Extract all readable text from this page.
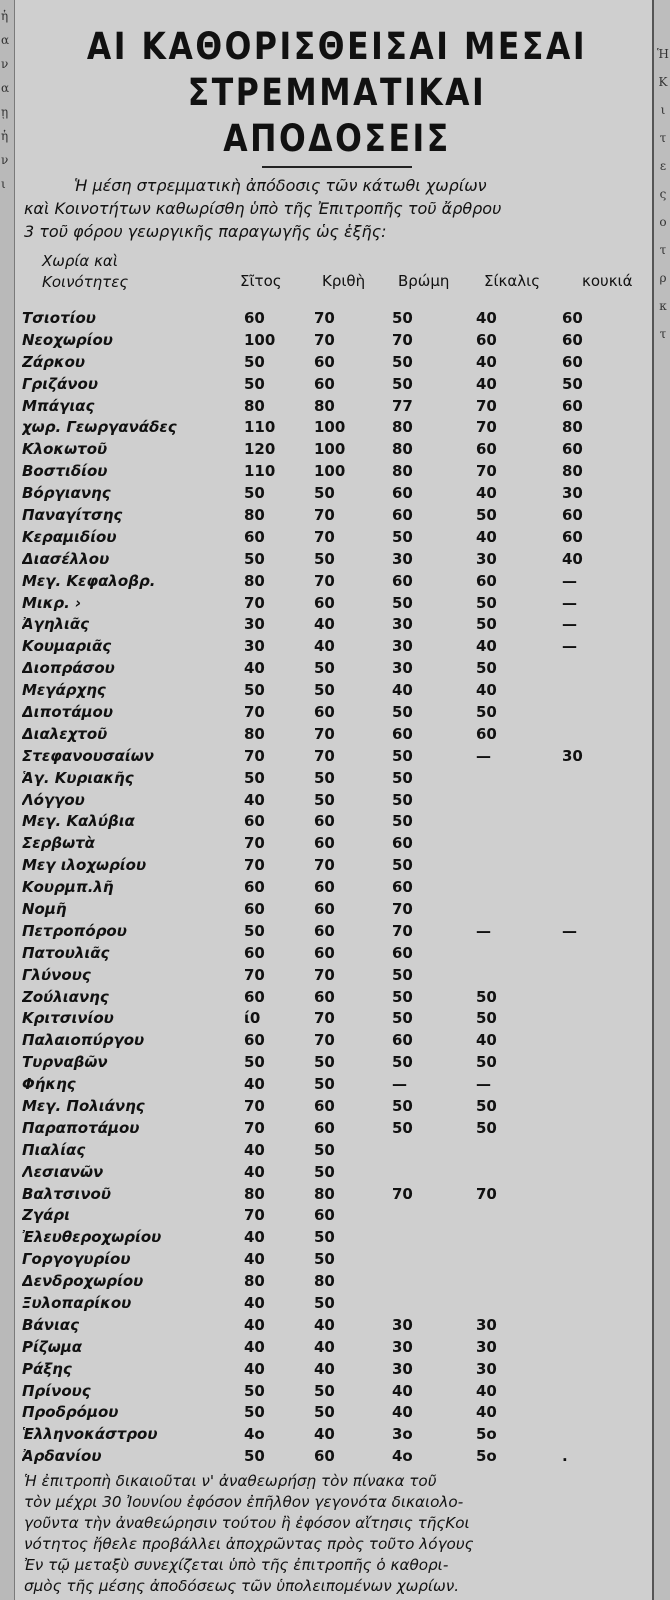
ἡ
α
ν
α
ῃ
ἡ
ν
ι
ΑΙ ΚΑΘΟΡΙΣΘΕΙΣΑΙ ΜΕΣΑΙ
ΣΤΡΕΜΜΑΤΙΚΑΙ ΑΠΟΔΟΣΕΙΣ
Ἡ μέση στρεμματικὴ ἀπόδοσις τῶν κάτωθι χωρίων
καὶ Κοινοτήτων καθωρίσθη ὑπὸ τῆς Ἐπιτροπῆς τοῦ ἄρθρου
3 τοῦ φόρου γεωργικῆς παραγωγῆς ὡς ἑξῆς:
Χωρία καὶ
Κοινότητες	Σῖτος	Κριθὴ Βρώμη Σίκαλις	κουκιά
Τσιοτίου	60	70	50	40	60
Νεοχωρίου	100	70	70	60	60
Ζάρκου	50	60	50	40	60
Γριζάνου	50	60	50	40	50
Μπάγιας	80	80	77	70	60
χωρ. Γεωργανάδες	110	100	80	70	80
Κλοκωτοῦ	120	100	80	60	60
Βοστιδίου	110	100	80	70	80
Βόργιανης	50	50	60	40	30
Παναγίτσης	80	70	60	50	60
Κεραμιδίου	60	70	50	40	60
Διασέλλου	50	50	30	30	40
Μεγ. Κεφαλοβρ.	80	70	60	60	—
Μικρ. ›	70	60	50	50	—
Ἀγηλιᾶς	30	40	30	50	—
Κουμαριᾶς	30	40	30	40	—
Διοπράσου	40	50	30	50	
Μεγάρχης	50	50	40	40	
Διποτάμου	70	60	50	50	
Διαλεχτοῦ	80	70	60	60	
Στεφανουσαίων	70	70	50	—	30
Ἁγ. Κυριακῆς	50	50	50		
Λόγγου	40	50	50		
Μεγ. Καλύβια	60	60	50		
Σερβωτὰ	70	60	60		
Μεγ ιλοχωρίου	70	70	50		
Κουρμπ.λῆ	60	60	60		
Νομῆ	60	60	70		
Πετροπόρου	50	60	70	—	—
Πατουλιᾶς	60	60	60		
Γλύνους	70	70	50		
Ζούλιανης	60	60	50	50	
Κριτσινίου	ί0	70	50	50	
Παλαιοπύργου	60	70	60	40	
Τυρναβῶν	50	50	50	50	
Φήκης	40	50	—	—	
Μεγ. Πολιάνης	70	60	50	50	
Παραποτάμου	70	60	50	50	
Πιαλίας	40	50			
Λεσιανῶν	40	50			
Βαλτσινοῦ	80	80	70	70	
Ζγάρι	70	60			
Ἐλευθεροχωρίου	40	50			
Γοργογυρίου	40	50			
Δενδροχωρίου	80	80			
Ξυλοπαρίκου	40	50			
Βάνιας	40	40	30	30	
Ρίζωμα	40	40	30	30	
Ράξης	40	40	30	30	
Πρίνους	50	50	40	40	
Προδρόμου	50	50	40	40	
Ἑλληνοκάστρου	4o	40	3o	5o	
Ἀρδανίου	50	60	4o	5o	.
Ἡ ἐπιτροπὴ δικαιοῦται ν' ἀναθεωρήσῃ τὸν πίνακα τοῦ
τὸν μέχρι 30 Ἰουνίου ἐφόσον ἐπῆλθον γεγονότα δικαιολο-
γοῦντα τὴν ἀναθεώρησιν τούτου ἢ ἐφόσον αἴτησις τῆςΚοι
νότητος ἤθελε προβάλλει ἀποχρῶντας πρὸς τοῦτο λόγους
Ἐν τῷ μεταξὺ συνεχίζεται ὑπὸ τῆς ἐπιτροπῆς ὁ καθορι-
σμὸς τῆς μέσης ἀποδόσεως τῶν ὑπολειπομένων χωρίων.
Ἡ
Κ
ι
τ
ε
ς
ο
τ
ρ
κ
τ
